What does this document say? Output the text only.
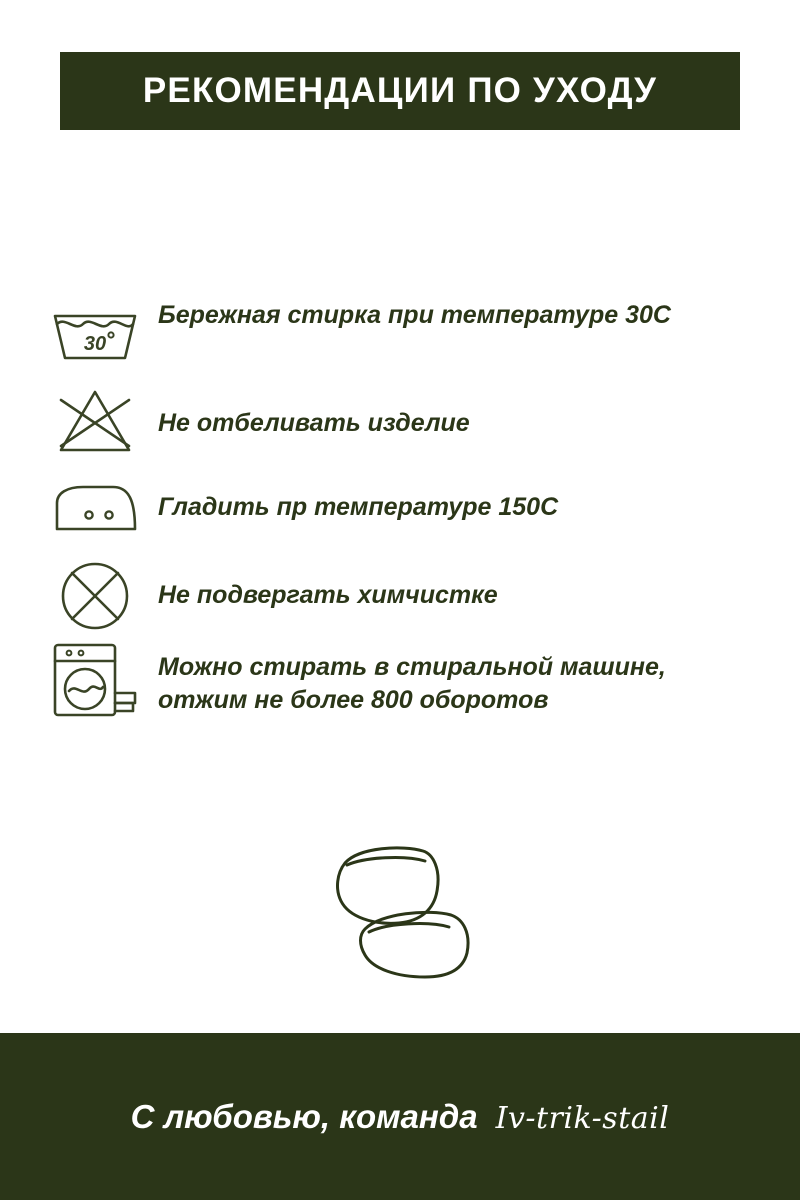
РЕКОМЕНДАЦИИ ПО УХОДУ
30
Бережная стирка при температуре 30С
Не отбеливать изделие
Гладить пр температуре 150С
Не подвергать химчистке
Можно стирать в стиральной машине, отжим не более 800 оборотов
С любовью, команда Iv-trik-stail
